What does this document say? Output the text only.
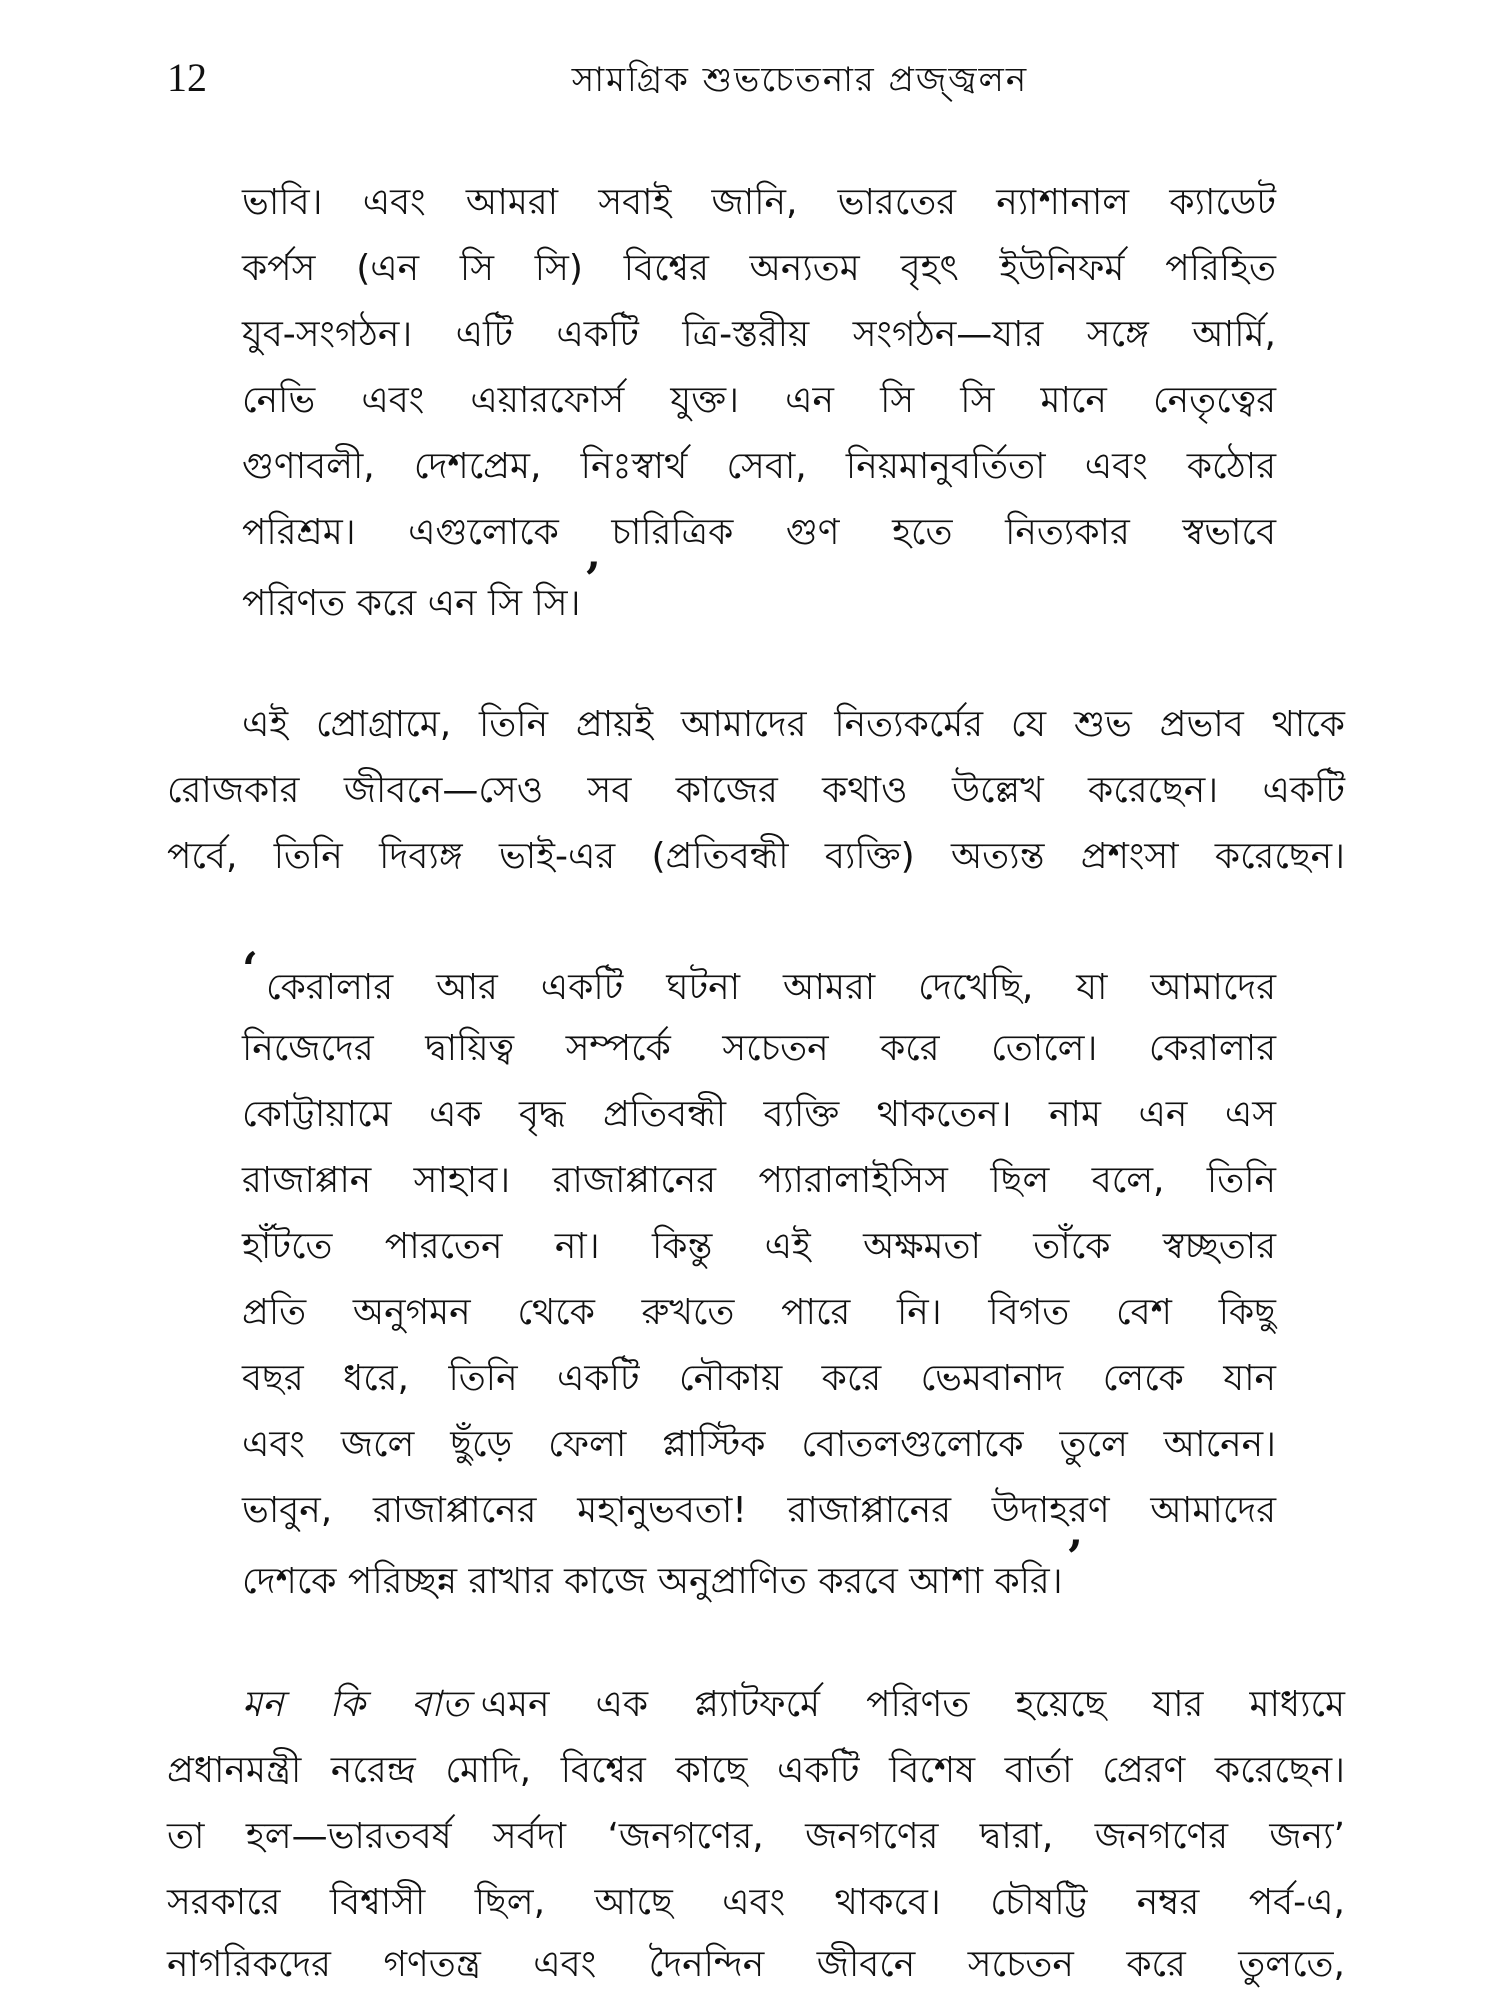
12	সামগ্রিক শুভচেতনার প্রজ্জ্বলন
ভাবি। এবং আমরা সবাই জানি, ভারতের ন্যাশানাল ক্যাডেট
কর্পস (এন সি সি) বিশ্বের অন্যতম বৃহৎ ইউনিফর্ম পরিহিত
যুব-সংগঠন। এটি একটি ত্রি-স্তরীয় সংগঠন—যার সঙ্গে আর্মি,
নেভি এবং এয়ারফোর্স যুক্ত। এন সি সি মানে নেতৃত্বের
গুণাবলী, দেশপ্রেম, নিঃস্বার্থ সেবা, নিয়মানুবর্তিতা এবং কঠোর
পরিশ্রম। এগুলোকে চারিত্রিক গুণ হতে নিত্যকার স্বভাবে
পরিণত করে এন সি সি।’
এই প্রোগ্রামে, তিনি প্রায়ই আমাদের নিত্যকর্মের যে শুভ প্রভাব থাকে
রোজকার জীবনে—সেও সব কাজের কথাও উল্লেখ করেছেন। একটি
পর্বে, তিনি দিব্যঙ্গ ভাই-এর (প্রতিবন্ধী ব্যক্তি) অত্যন্ত প্রশংসা করেছেন।
‘ কেরালার আর একটি ঘটনা আমরা দেখেছি, যা আমাদের
নিজেদের দ্বায়িত্ব সম্পর্কে সচেতন করে তোলে। কেরালার
কোট্টায়ামে এক বৃদ্ধ প্রতিবন্ধী ব্যক্তি থাকতেন। নাম এন এস
রাজাপ্পান সাহাব। রাজাপ্পানের প্যারালাইসিস ছিল বলে, তিনি
হাঁটতে পারতেন না। কিন্তু এই অক্ষমতা তাঁকে স্বচ্ছতার
প্রতি অনুগমন থেকে রুখতে পারে নি। বিগত বেশ কিছু
বছর ধরে, তিনি একটি নৌকায় করে ভেমবানাদ লেকে যান
এবং জলে ছুঁড়ে ফেলা প্লাস্টিক বোতলগুলোকে তুলে আনেন।
ভাবুন, রাজাপ্পানের মহানুভবতা! রাজাপ্পানের উদাহরণ আমাদের
দেশকে পরিচ্ছন্ন রাখার কাজে অনুপ্রাণিত করবে আশা করি।’
মন কি বাত এমন এক প্ল্যাটফর্মে পরিণত হয়েছে যার মাধ্যমে
প্রধানমন্ত্রী নরেন্দ্র মোদি, বিশ্বের কাছে একটি বিশেষ বার্তা প্রেরণ করেছেন।
তা হল—ভারতবর্ষ সর্বদা ‘জনগণের, জনগণের দ্বারা, জনগণের জন্য’
সরকারে বিশ্বাসী ছিল, আছে এবং থাকবে। চৌষট্টি নম্বর পর্ব-এ,
নাগরিকদের গণতন্ত্র এবং দৈনন্দিন জীবনে সচেতন করে তুলতে,
